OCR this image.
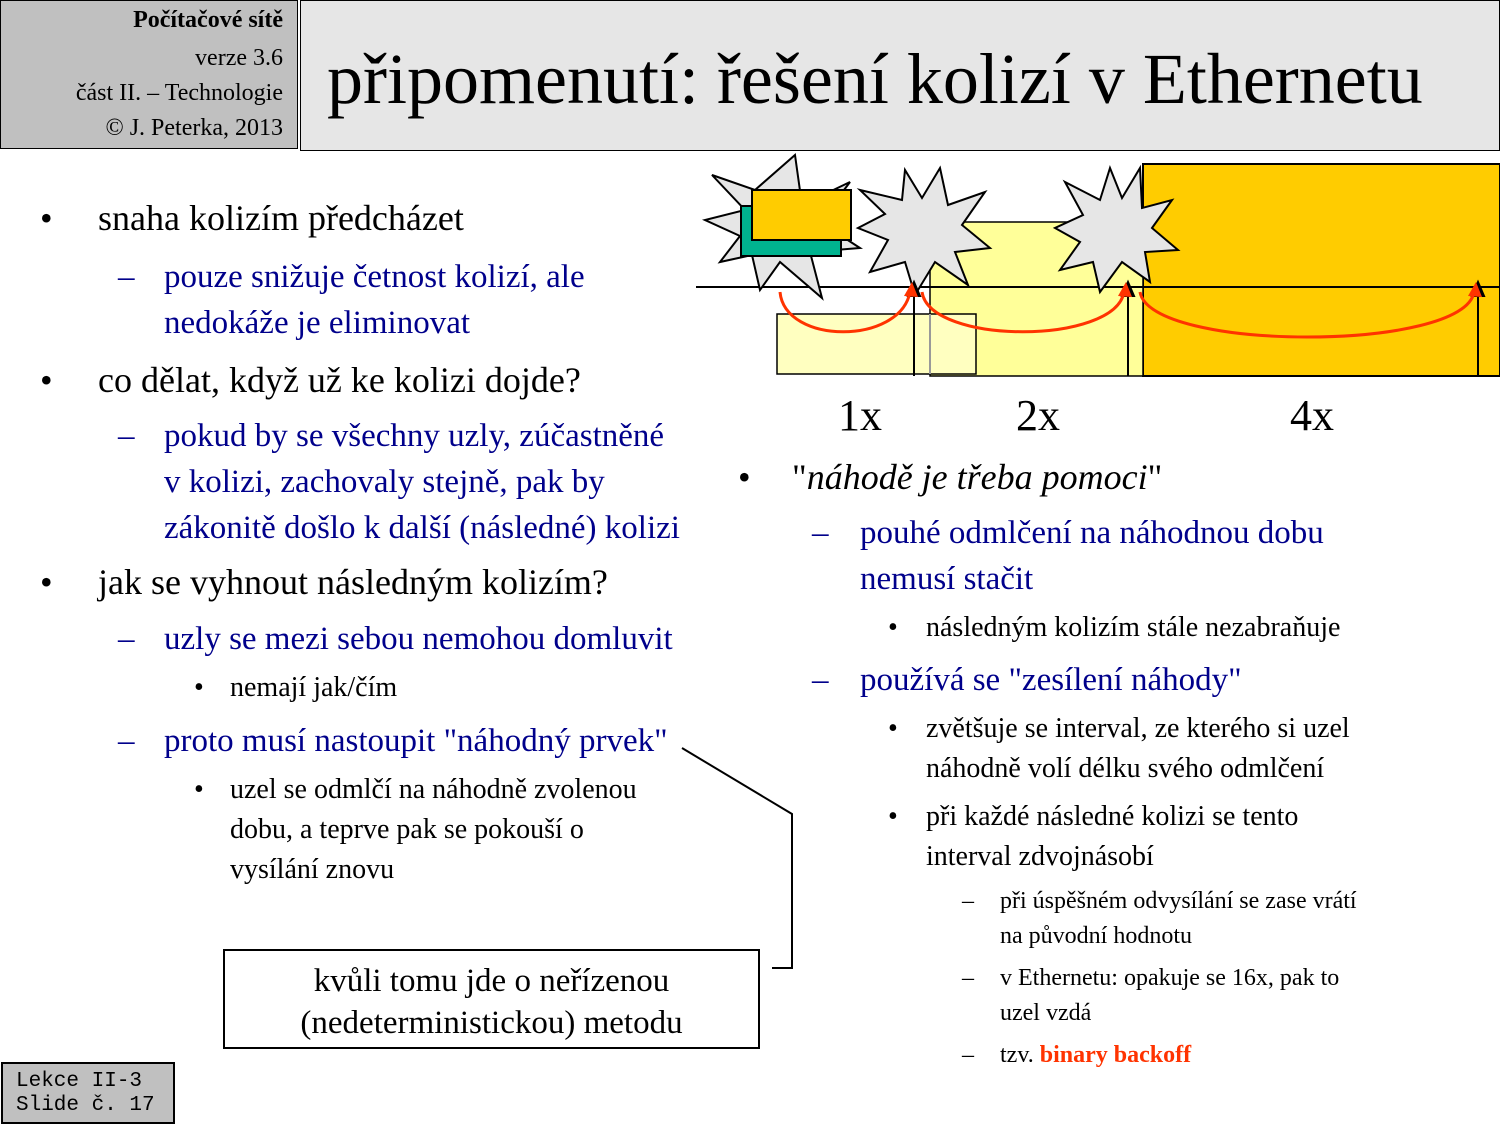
Počítačové sítě
verze 3.6
část II. – Technologie
© J. Peterka, 2013
připomenutí: řešení kolizí v Ethernetu
1x	2x	4x
• snaha kolizím předcházet
– pouze snižuje četnost kolizí, ale
nedokáže je eliminovat
• co dělat, když už ke kolizi dojde?
– pokud by se všechny uzly, zúčastněné
v kolizi, zachovaly stejně, pak by
zákonitě došlo k další (následné) kolizi
• jak se vyhnout následným kolizím?
– uzly se mezi sebou nemohou domluvit
• nemají jak/čím
– proto musí nastoupit "náhodný prvek"
• uzel se odmlčí na náhodně zvolenou
dobu, a teprve pak se pokouší o
vysílání znovu
kvůli tomu jde o neřízenou
(nedeterministickou) metodu
• "náhodě je třeba pomoci"
– pouhé odmlčení na náhodnou dobu
nemusí stačit
• následným kolizím stále nezabraňuje
– používá se "zesílení náhody"
• zvětšuje se interval, ze kterého si uzel
náhodně volí délku svého odmlčení
• při každé následné kolizi se tento
interval zdvojnásobí
– při úspěšném odvysílání se zase vrátí
na původní hodnotu
– v Ethernetu: opakuje se 16x, pak to
uzel vzdá
– tzv. binary backoff
Lekce II-3
Slide č. 17
